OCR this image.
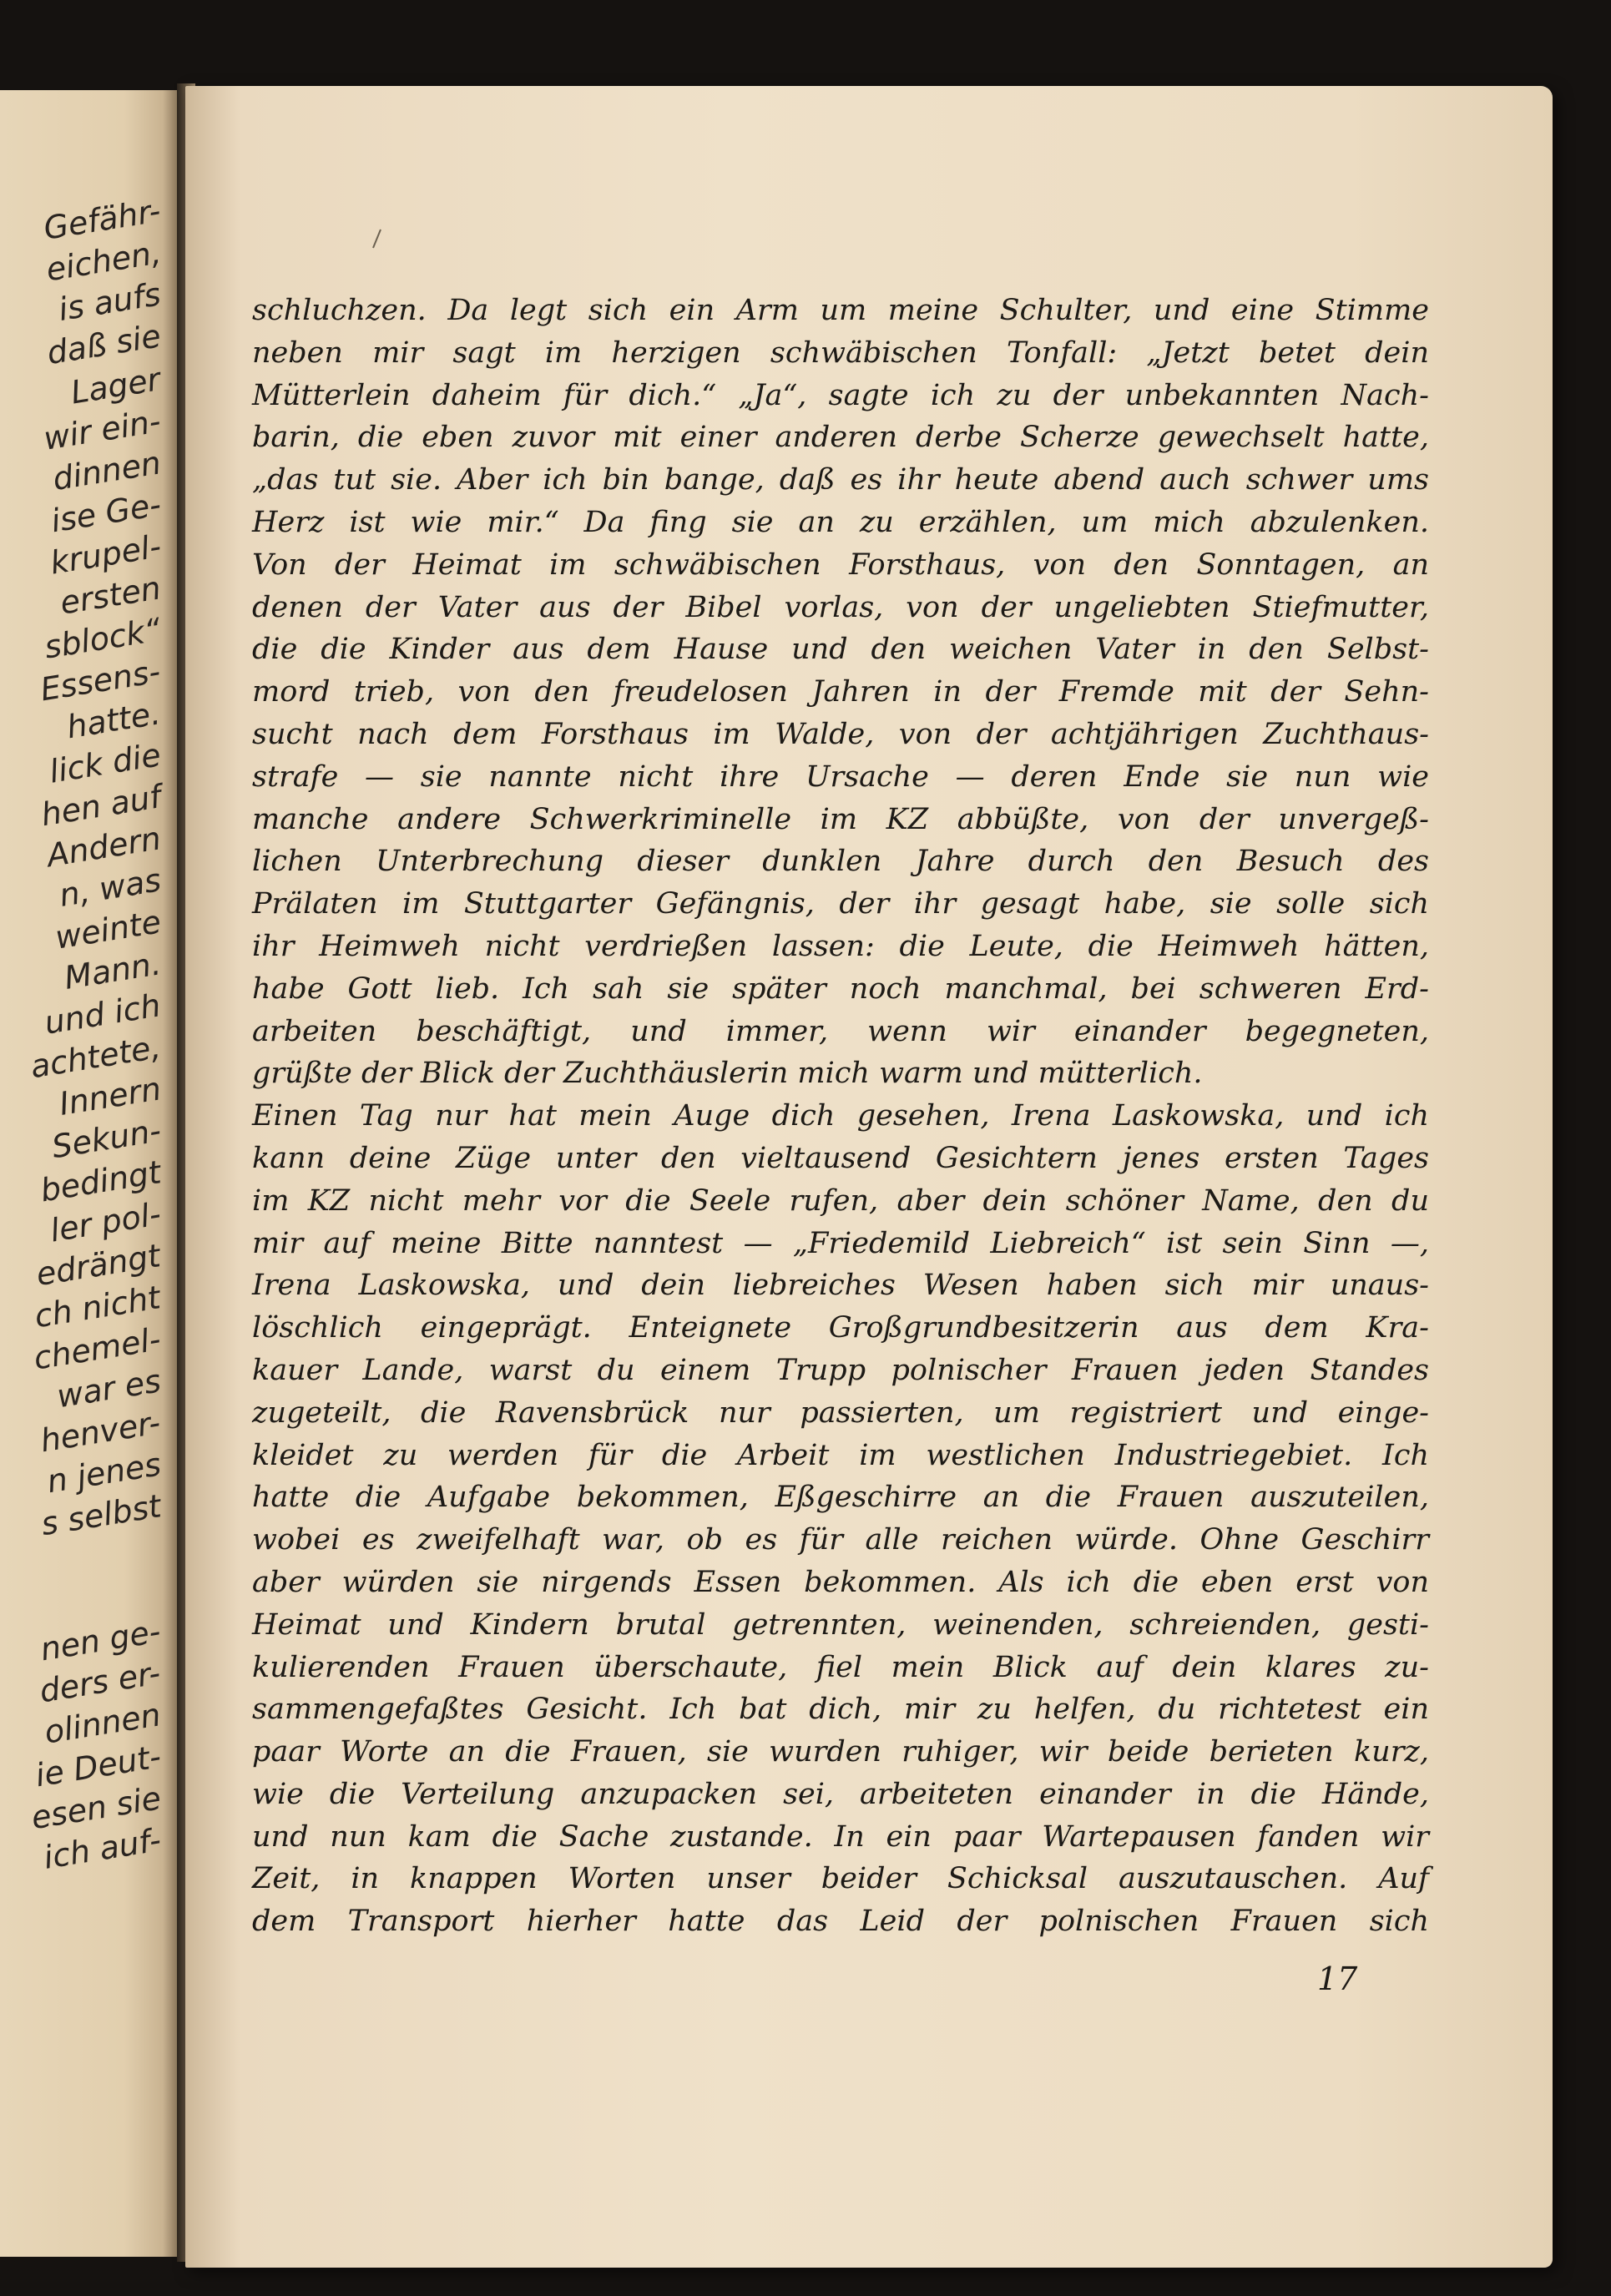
Gefähr-

eichen,

is aufs

daß sie

Lager

wir ein-

dinnen

ise Ge-

krupel-

ersten

sblock“

Essens-

hatte.

lick die

hen auf

Andern

n, was

weinte

Mann.

und ich

achtete,

Innern

Sekun-

bedingt

ler pol-

edrängt

ch nicht

chemel-

war es

henver-

n jenes

s selbst

nen ge-

ders er-

olinnen

ie Deut-

esen sie

ich auf-

schluchzen. Da legt sich ein Arm um meine Schulter, und eine Stimme
neben mir sagt im herzigen schwäbischen Tonfall: „Jetzt betet dein
Mütterlein daheim für dich.“ „Ja“, sagte ich zu der unbekannten Nach-
barin, die eben zuvor mit einer anderen derbe Scherze gewechselt hatte,
„das tut sie. Aber ich bin bange, daß es ihr heute abend auch schwer ums
Herz ist wie mir.“ Da fing sie an zu erzählen, um mich abzulenken.
Von der Heimat im schwäbischen Forsthaus, von den Sonntagen, an
denen der Vater aus der Bibel vorlas, von der ungeliebten Stiefmutter,
die die Kinder aus dem Hause und den weichen Vater in den Selbst-
mord trieb, von den freudelosen Jahren in der Fremde mit der Sehn-
sucht nach dem Forsthaus im Walde, von der achtjährigen Zuchthaus-
strafe — sie nannte nicht ihre Ursache — deren Ende sie nun wie
manche andere Schwerkriminelle im KZ abbüßte, von der unvergeß-
lichen Unterbrechung dieser dunklen Jahre durch den Besuch des
Prälaten im Stuttgarter Gefängnis, der ihr gesagt habe, sie solle sich
ihr Heimweh nicht verdrießen lassen: die Leute, die Heimweh hätten,
habe Gott lieb. Ich sah sie später noch manchmal, bei schweren Erd-
arbeiten beschäftigt, und immer, wenn wir einander begegneten,
grüßte der Blick der Zuchthäuslerin mich warm und mütterlich.
Einen Tag nur hat mein Auge dich gesehen, Irena Laskowska, und ich
kann deine Züge unter den vieltausend Gesichtern jenes ersten Tages
im KZ nicht mehr vor die Seele rufen, aber dein schöner Name, den du
mir auf meine Bitte nanntest — „Friedemild Liebreich“ ist sein Sinn —,
Irena Laskowska, und dein liebreiches Wesen haben sich mir unaus-
löschlich eingeprägt. Enteignete Großgrundbesitzerin aus dem Kra-
kauer Lande, warst du einem Trupp polnischer Frauen jeden Standes
zugeteilt, die Ravensbrück nur passierten, um registriert und einge-
kleidet zu werden für die Arbeit im westlichen Industriegebiet. Ich
hatte die Aufgabe bekommen, Eßgeschirre an die Frauen auszuteilen,
wobei es zweifelhaft war, ob es für alle reichen würde. Ohne Geschirr
aber würden sie nirgends Essen bekommen. Als ich die eben erst von
Heimat und Kindern brutal getrennten, weinenden, schreienden, gesti-
kulierenden Frauen überschaute, fiel mein Blick auf dein klares zu-
sammengefaßtes Gesicht. Ich bat dich, mir zu helfen, du richtetest ein
paar Worte an die Frauen, sie wurden ruhiger, wir beide berieten kurz,
wie die Verteilung anzupacken sei, arbeiteten einander in die Hände,
und nun kam die Sache zustande. In ein paar Wartepausen fanden wir
Zeit, in knappen Worten unser beider Schicksal auszutauschen. Auf
dem Transport hierher hatte das Leid der polnischen Frauen sich

17
